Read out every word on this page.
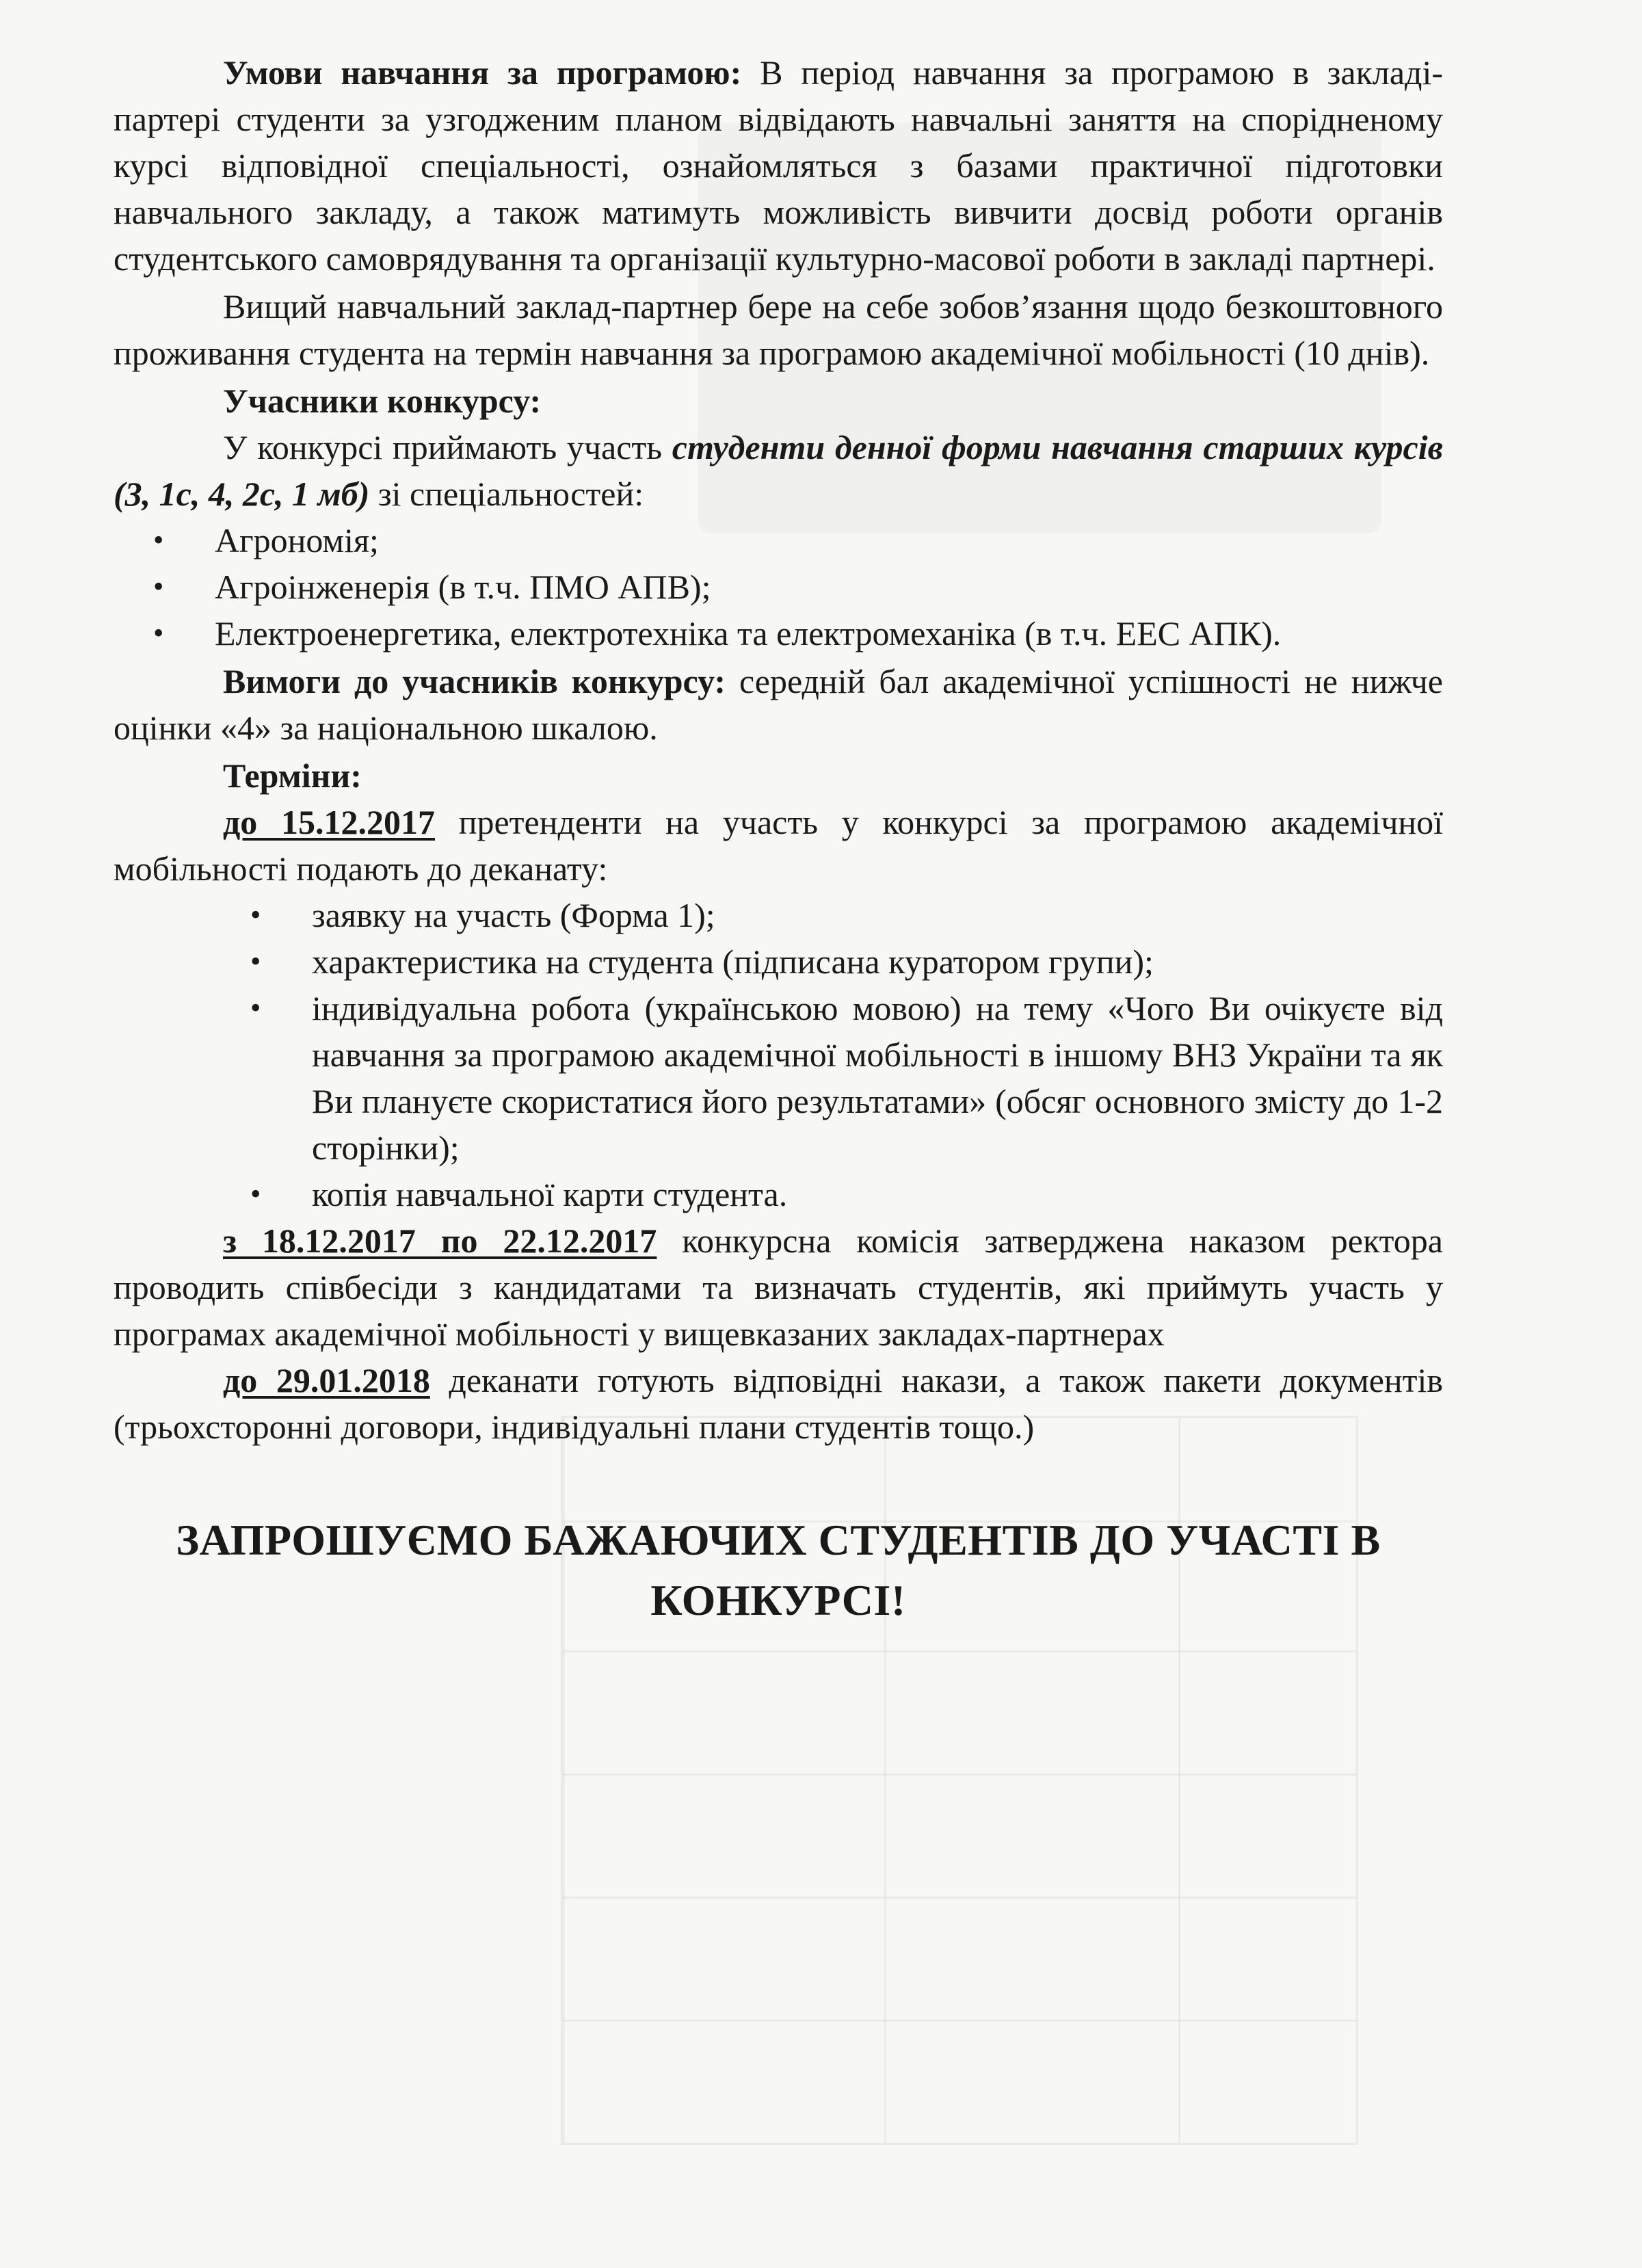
Умови навчання за програмою: В період навчання за програмою в закладі-партері студенти за узгодженим планом відвідають навчальні заняття на спорідненому курсі відповідної спеціальності, ознайомляться з базами практичної підготовки навчального закладу, а також матимуть можливість вивчити досвід роботи органів студентського самоврядування та організації культурно-масової роботи в закладі партнері.

Вищий навчальний заклад-партнер бере на себе зобов’язання щодо безкоштовного проживання студента на термін навчання за програмою академічної мобільності (10 днів).

Учасники конкурсу:

У конкурсі приймають участь студенти денної форми навчання старших курсів (3, 1с, 4, 2с, 1 мб) зі спеціальностей:

• Агрономія;
• Агроінженерія (в т.ч. ПМО АПВ);
• Електроенергетика, електротехніка та електромеханіка (в т.ч. ЕЕС АПК).

Вимоги до учасників конкурсу: середній бал академічної успішності не нижче оцінки «4» за національною шкалою.

Терміни:

до 15.12.2017 претенденти на участь у конкурсі за програмою академічної мобільності подають до деканату:

• заявку на участь (Форма 1);
• характеристика на студента (підписана куратором групи);
• індивідуальна робота (українською мовою) на тему «Чого Ви очікуєте від навчання за програмою академічної мобільності в іншому ВНЗ України та як Ви плануєте скористатися його результатами» (обсяг основного змісту до 1-2 сторінки);
• копія навчальної карти студента.

з 18.12.2017 по 22.12.2017 конкурсна комісія затверджена наказом ректора проводить співбесіди з кандидатами та визначать студентів, які приймуть участь у програмах академічної мобільності у вищевказаних закладах-партнерах

до 29.01.2018 деканати готують відповідні накази, а також пакети документів (трьохсторонні договори, індивідуальні плани студентів тощо.)

ЗАПРОШУЄМО БАЖАЮЧИХ СТУДЕНТІВ ДО УЧАСТІ В КОНКУРСІ!
